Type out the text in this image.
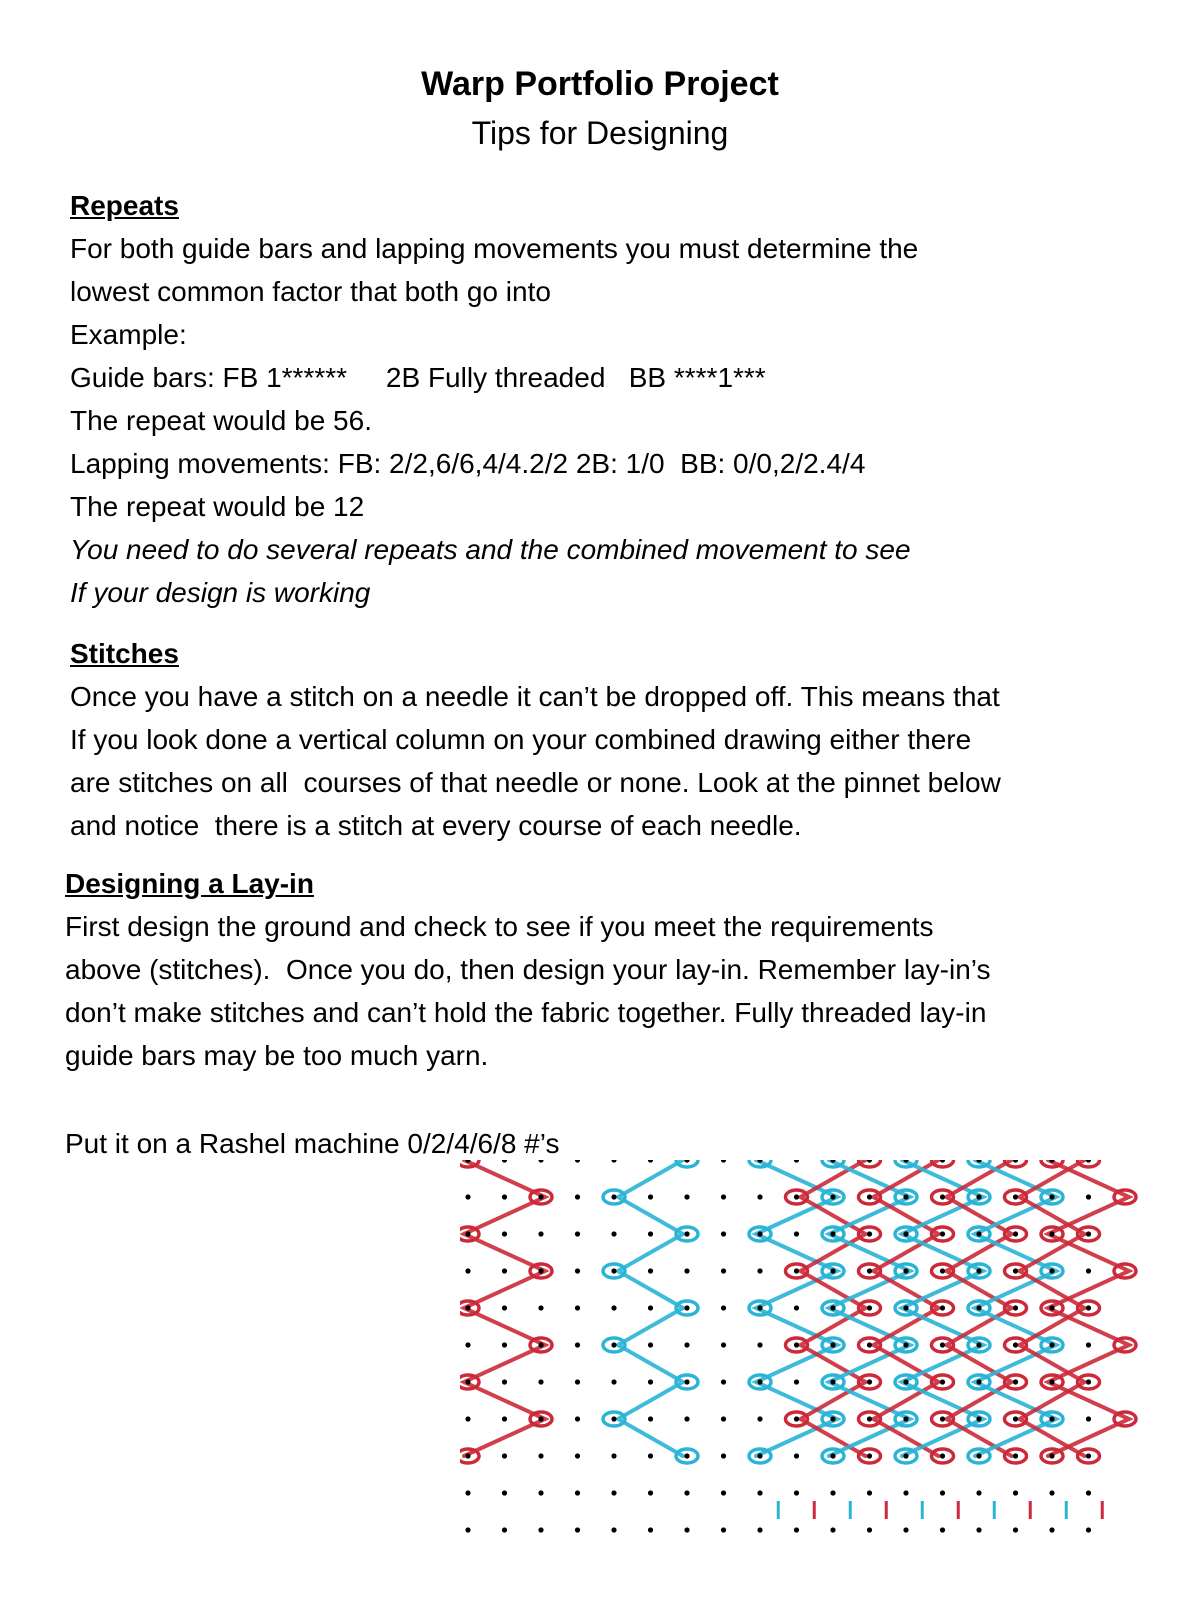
Warp Portfolio Project
Tips for Designing
Repeats
For both guide bars and lapping movements you must determine the
lowest common factor that both go into
Example:
Guide bars: FB 1******     2B Fully threaded   BB ****1***
The repeat would be 56.
Lapping movements: FB: 2/2,6/6,4/4.2/2 2B: 1/0  BB: 0/0,2/2.4/4
The repeat would be 12
You need to do several repeats and the combined movement to see
If your design is working
Stitches
Once you have a stitch on a needle it can’t be dropped off. This means that
If you look done a vertical column on your combined drawing either there
are stitches on all  courses of that needle or none. Look at the pinnet below
and notice  there is a stitch at every course of each needle.
Designing a Lay-in
First design the ground and check to see if you meet the requirements
above (stitches).  Once you do, then design your lay-in. Remember lay-in’s
don’t make stitches and can’t hold the fabric together. Fully threaded lay-in
guide bars may be too much yarn.
Put it on a Rashel machine 0/2/4/6/8 #’s
